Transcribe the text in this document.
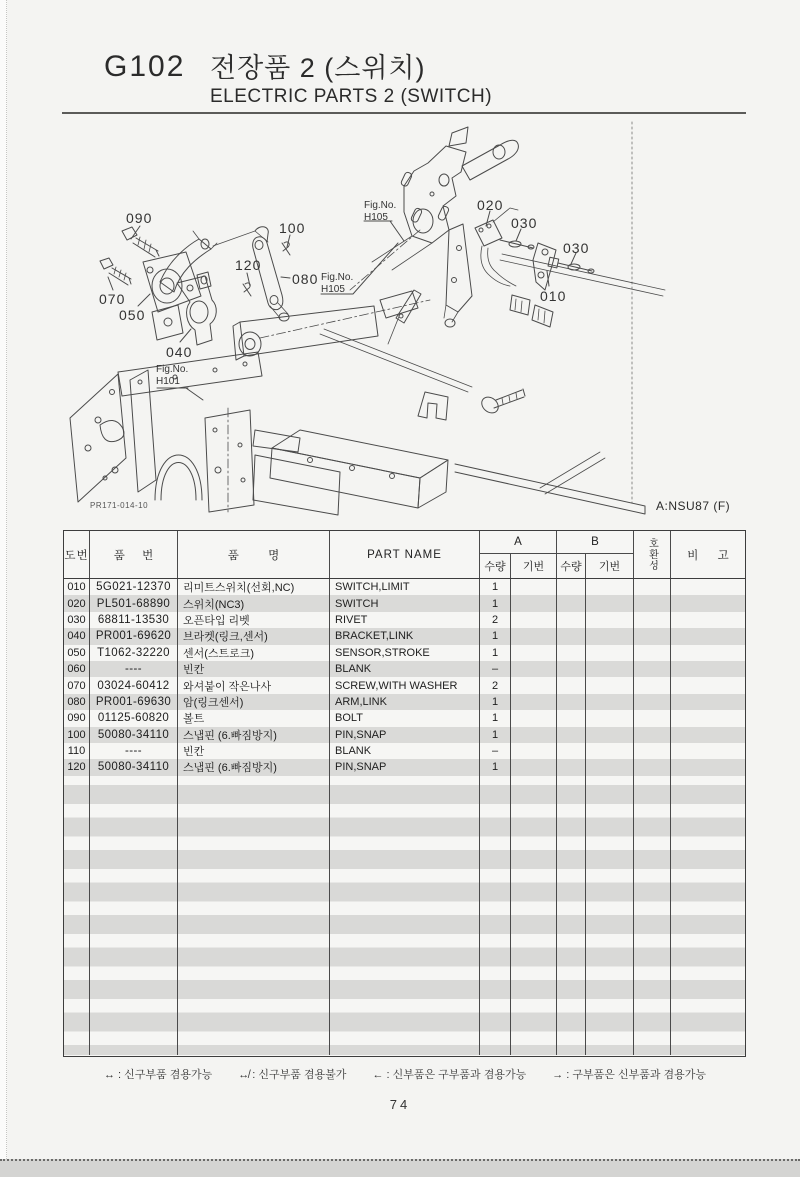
G102 전장품 2 (스위치)
ELECTRIC PARTS 2 (SWITCH)
090
070
050
040
100
120
080
020
030
030
010
Fig.No.
H105
Fig.No.
H105
Fig.No.
H101
PR171-014-10	A:NSU87 (F)
도번	품 번	품 명	PART NAME
A	B
수량	기번	수량	기번	호환성	비 고
010 5G021-12370	리미트스위치(선회,NC)	SWITCH,LIMIT	1
020 PL501-68890	스위치(NC3)	SWITCH	1
030	68811-13530	오픈타입 리벳	RIVET	2
040 PR001-69620	브라켓(링크,센서)	BRACKET,LINK	1
050 T1062-32220	센서(스트로크)	SENSOR,STROKE	1
060	----	빈칸	BLANK	–
070	03024-60412	와셔붙이 작은나사	SCREW,WITH WASHER	2
080 PR001-69630	암(링크센서)	ARM,LINK	1
090	01125-60820	볼트	BOLT	1
100	50080-34110	스냅핀 (6.빠짐방지)	PIN,SNAP	1
110	----	빈칸	BLANK	–
120	50080-34110	스냅핀 (6.빠짐방지)	PIN,SNAP	1
↔ : 신구부품 겸용가능 ↮ : 신구부품 겸용불가 ← : 신부품은 구부품과 겸용가능 → : 구부품은 신부품과 겸용가능
74
